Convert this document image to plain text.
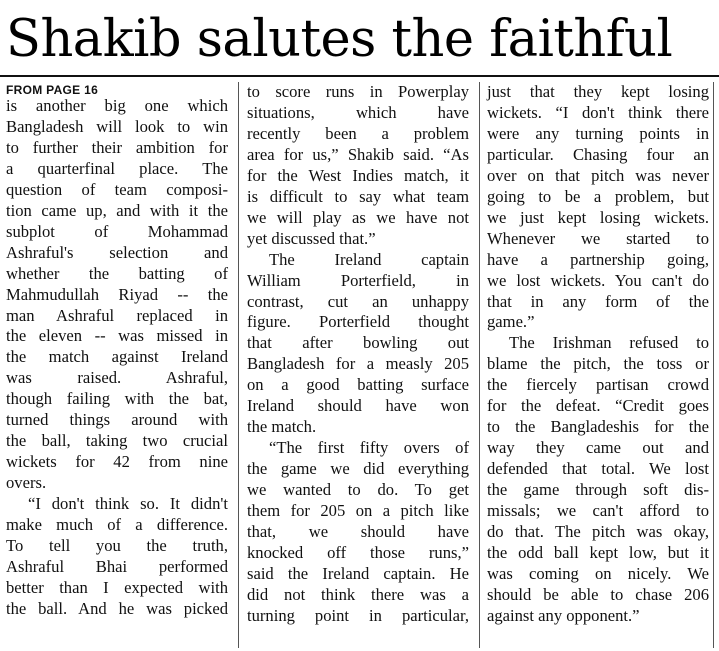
Shakib salutes the faithful
FROM PAGE 16

is another big one which

Bangladesh will look to win

to further their ambition for

a quarterfinal place. The

question of team composi-

tion came up, and with it the

subplot of Mohammad

Ashraful's selection and

whether the batting of

Mahmudullah Riyad -- the

man Ashraful replaced in

the eleven -- was missed in

the match against Ireland

was raised. Ashraful,

though failing with the bat,

turned things around with

the ball, taking two crucial

wickets for 42 from nine

overs.

“I don't think so. It didn't

make much of a difference.

To tell you the truth,

Ashraful Bhai performed

better than I expected with

the ball. And he was picked

to score runs in Powerplay

situations, which have

recently been a problem

area for us,” Shakib said. “As

for the West Indies match, it

is difficult to say what team

we will play as we have not

yet discussed that.”

The Ireland captain

William Porterfield, in

contrast, cut an unhappy

figure. Porterfield thought

that after bowling out

Bangladesh for a measly 205

on a good batting surface

Ireland should have won

the match.

“The first fifty overs of

the game we did everything

we wanted to do. To get

them for 205 on a pitch like

that, we should have

knocked off those runs,”

said the Ireland captain. He

did not think there was a

turning point in particular,

just that they kept losing

wickets. “I don't think there

were any turning points in

particular. Chasing four an

over on that pitch was never

going to be a problem, but

we just kept losing wickets.

Whenever we started to

have a partnership going,

we lost wickets. You can't do

that in any form of the

game.”

The Irishman refused to

blame the pitch, the toss or

the fiercely partisan crowd

for the defeat. “Credit goes

to the Bangladeshis for the

way they came out and

defended that total. We lost

the game through soft dis-

missals; we can't afford to

do that. The pitch was okay,

the odd ball kept low, but it

was coming on nicely. We

should be able to chase 206

against any opponent.”
